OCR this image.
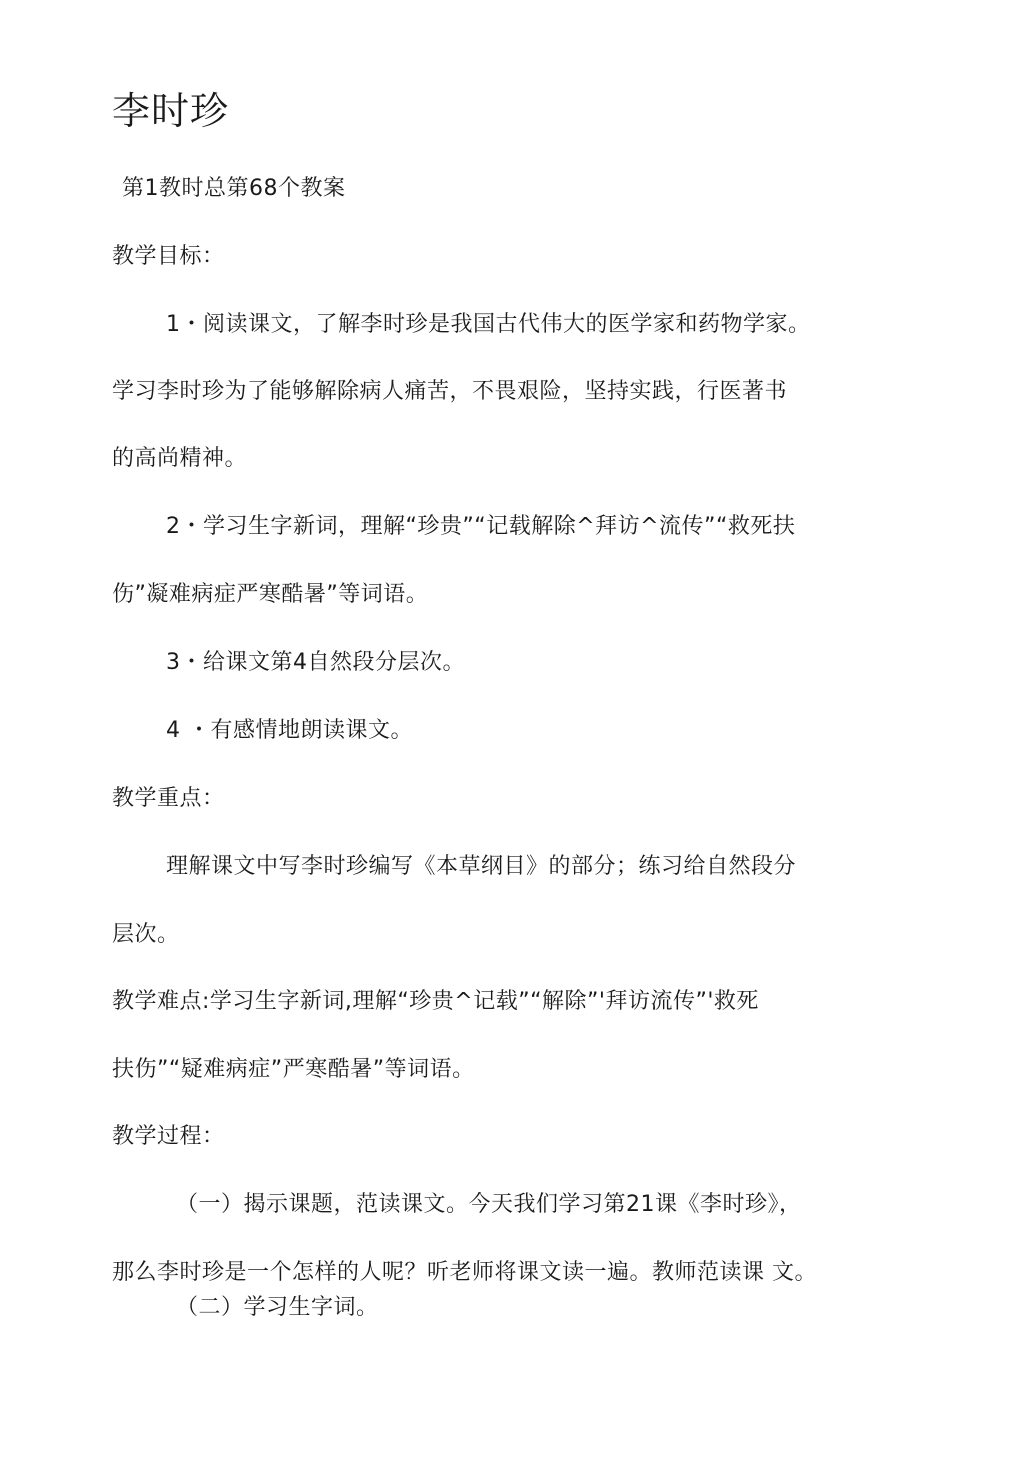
李时珍
第1教时总第68个教案
教学目标：
1・阅读课文，了解李时珍是我国古代伟大的医学家和药物学家。
学习李时珍为了能够解除病人痛苦，不畏艰险，坚持实践，行医著书
的高尚精神。
2・学习生字新词，理解“珍贵”“记载解除^拜访^流传”“救死扶
伤”凝难病症严寒酷暑”等词语。
3・给课文第4自然段分层次。
4 ・有感情地朗读课文。
教学重点：
理解课文中写李时珍编写《本草纲目》的部分；练习给自然段分
层次。
教学难点:学习生字新词,理解“珍贵^记载”“解除”'拜访流传”'救死
扶伤”“疑难病症”严寒酷暑”等词语。
教学过程：
（一）揭示课题，范读课文。今天我们学习第21课《李时珍》，
那么李时珍是一个怎样的人呢？听老师将课文读一遍。教师范读课 文。
（二）学习生字词。
